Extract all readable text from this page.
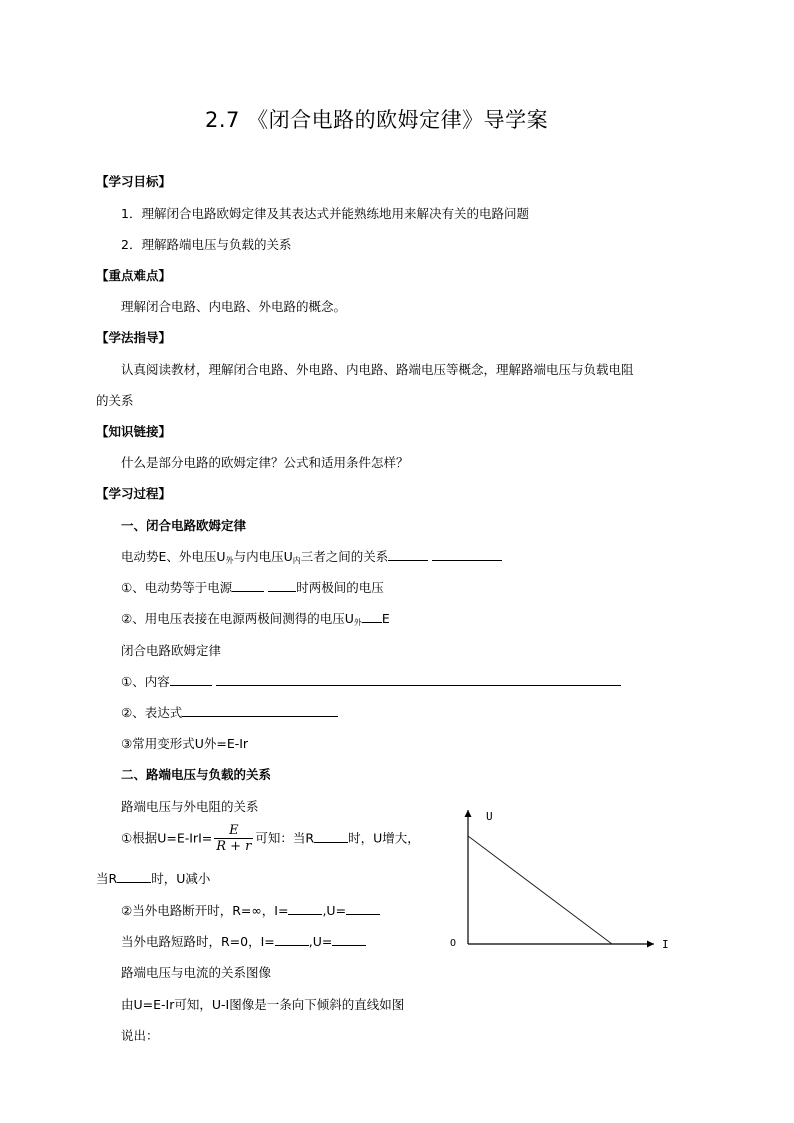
2.7 《闭合电路的欧姆定律》导学案
【学习目标】
1．理解闭合电路欧姆定律及其表达式并能熟练地用来解决有关的电路问题
2．理解路端电压与负载的关系
【重点难点】
理解闭合电路、内电路、外电路的概念。
【学法指导】
认真阅读教材，理解闭合电路、外电路、内电路、路端电压等概念，理解路端电压与负载电阻
的关系
【知识链接】
什么是部分电路的欧姆定律？公式和适用条件怎样？
【学习过程】
一、闭合电路欧姆定律
电动势E、外电压$U_外$与内电压$U_内$三者之间的关系
①、电动势等于电源	时两极间的电压
②、用电压表接在电源两极间测得的电压$U_外$ E
闭合电路欧姆定律
①、内容
②、表达式
③常用变形式U外=E-Ir
二、路端电压与负载的关系
路端电压与外电阻的关系
①根据$U=E-IrI= \frac{E}{R + r}$ 可知：当R	时，U增大，
当R	时，U减小
②当外电路断开时，R=∞，I=	,U=
当外电路短路时，R=0，I=	,U=
路端电压与电流的关系图像
由U=E-Ir可知，U-I图像是一条向下倾斜的直线如图
说出：
U
I
O
